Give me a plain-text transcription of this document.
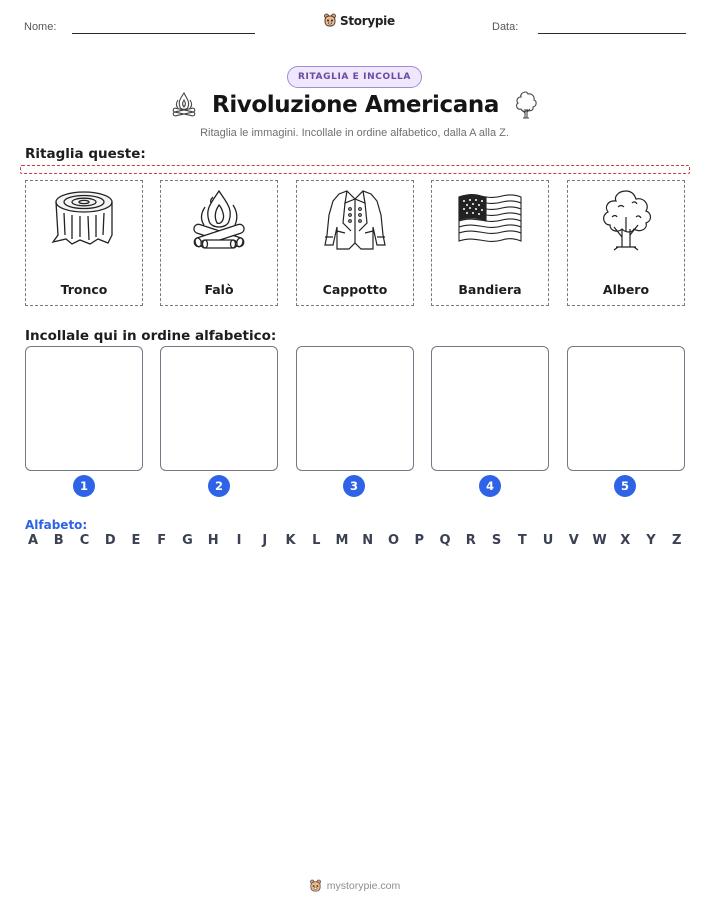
Nome:	Storypie	Data:
RITAGLIA E INCOLLA
Rivoluzione Americana
Ritaglia le immagini. Incollale in ordine alfabetico, dalla A alla Z.
Ritaglia queste:
Tronco	Falò	Cappotto	Bandiera	Albero
Incollale qui in ordine alfabetico:
1	2	3	4	5
Alfabeto:
A B C D E F G H	I	J	K L M N O P Q R S T U V W X Y Z
mystorypie.com
